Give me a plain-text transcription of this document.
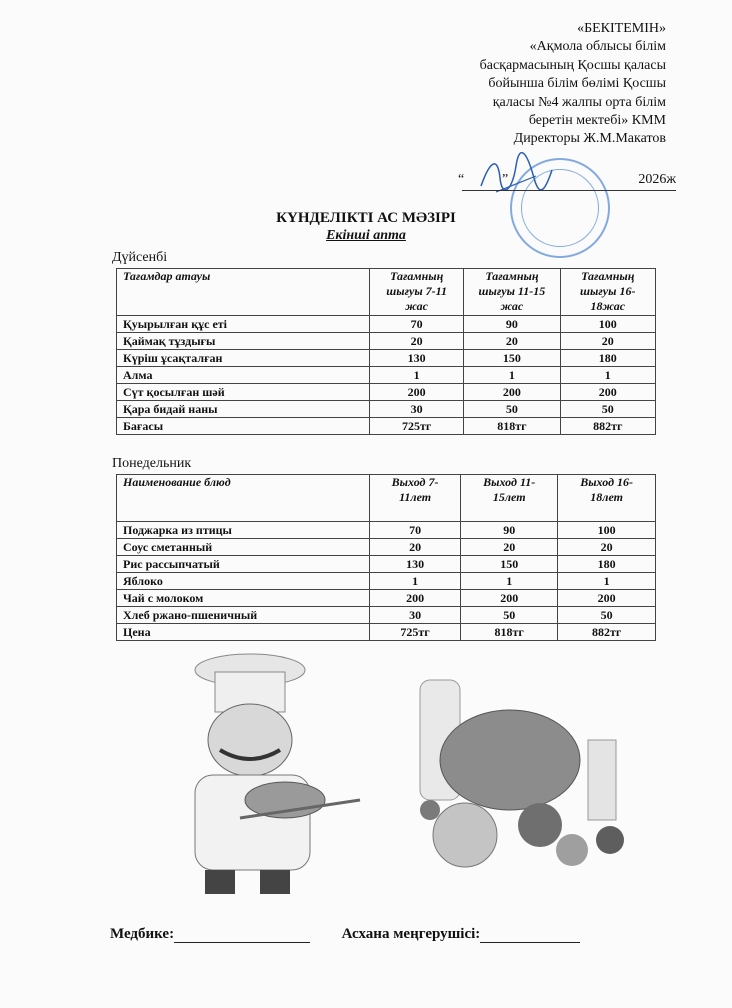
«БЕКІТЕМІН»
«Ақмола облысы білім
басқармасының Қосшы қаласы
бойынша білім бөлімі Қосшы
қаласы №4 жалпы орта білім
беретін мектебі» КММ
Директоры Ж.М.Макатов
“	”	2026ж
КҮНДЕЛІКТІ АС МӘЗІРІ
Екінші апта
Дүйсенбі
Тағамдар атауы	Тағамның шығуы 7-11 жас	Тағамның шығуы 11-15 жас	Тағамның шығуы 16-18жас
Қуырылған құс еті	70	90	100
Қаймақ тұздығы	20	20	20
Күріш ұсақталған	130	150	180
Алма	1	1	1
Сүт қосылған шәй	200	200	200
Қара бидай наны	30	50	50
Бағасы	725тг	818тг	882тг
Понедельник
Наименование блюд	Выход 7-11лет	Выход 11-15лет	Выход 16-18лет
Поджарка из птицы	70	90	100
Соус сметанный	20	20	20
Рис рассыпчатый	130	150	180
Яблоко	1	1	1
Чай с молоком	200	200	200
Хлеб ржано-пшеничный	30	50	50
Цена	725тг	818тг	882тг
Медбике:	Асхана меңгерушісі:
